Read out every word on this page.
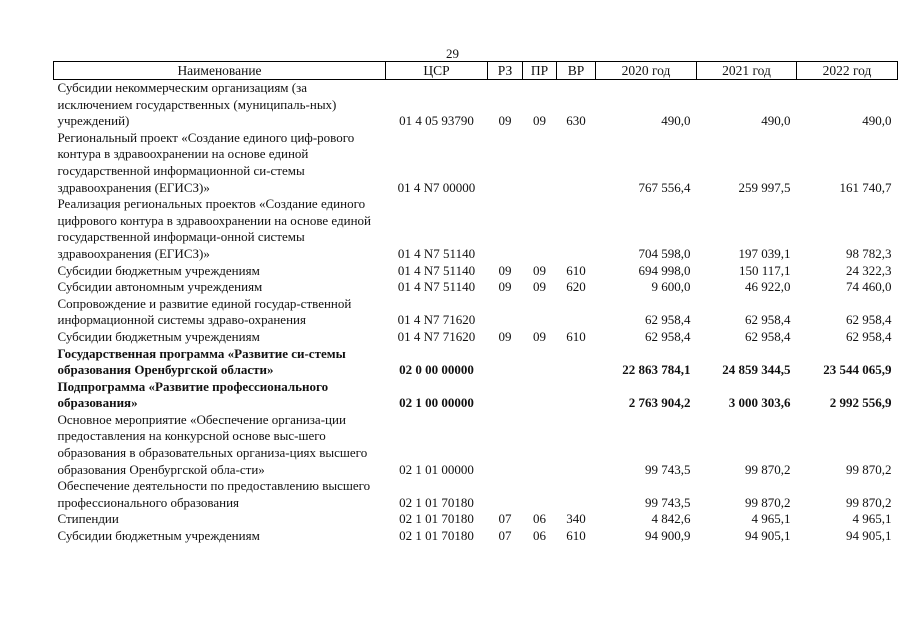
29
Наименование	ЦСР	РЗ	ПР	ВР	2020 год	2021 год	2022 год
Субсидии некоммерческим организациям (за исключением государственных (муниципаль-ных) учреждений)	01 4 05 93790	09	09	630	490,0	490,0	490,0
Региональный проект «Создание единого циф-рового контура в здравоохранении на основе единой государственной информационной си-стемы здравоохранения (ЕГИСЗ)»	01 4 N7 00000				767 556,4	259 997,5	161 740,7
Реализация региональных проектов «Создание единого цифрового контура в здравоохранении на основе единой государственной информаци-онной системы здравоохранения (ЕГИСЗ)»	01 4 N7 51140				704 598,0	197 039,1	98 782,3
Субсидии бюджетным учреждениям	01 4 N7 51140	09	09	610	694 998,0	150 117,1	24 322,3
Субсидии автономным учреждениям	01 4 N7 51140	09	09	620	9 600,0	46 922,0	74 460,0
Сопровождение и развитие единой государ-ственной информационной системы здраво-охранения	01 4 N7 71620				62 958,4	62 958,4	62 958,4
Субсидии бюджетным учреждениям	01 4 N7 71620	09	09	610	62 958,4	62 958,4	62 958,4
Государственная программа «Развитие си-стемы образования Оренбургской области»	02 0 00 00000				22 863 784,1	24 859 344,5	23 544 065,9
Подпрограмма «Развитие профессионального образования»	02 1 00 00000				2 763 904,2	3 000 303,6	2 992 556,9
Основное мероприятие «Обеспечение организа-ции предоставления на конкурсной основе выс-шего образования в образовательных организа-циях высшего образования Оренбургской обла-сти»	02 1 01 00000				99 743,5	99 870,2	99 870,2
Обеспечение деятельности по предоставлению высшего профессионального образования	02 1 01 70180				99 743,5	99 870,2	99 870,2
Стипендии	02 1 01 70180	07	06	340	4 842,6	4 965,1	4 965,1
Субсидии бюджетным учреждениям	02 1 01 70180	07	06	610	94 900,9	94 905,1	94 905,1
